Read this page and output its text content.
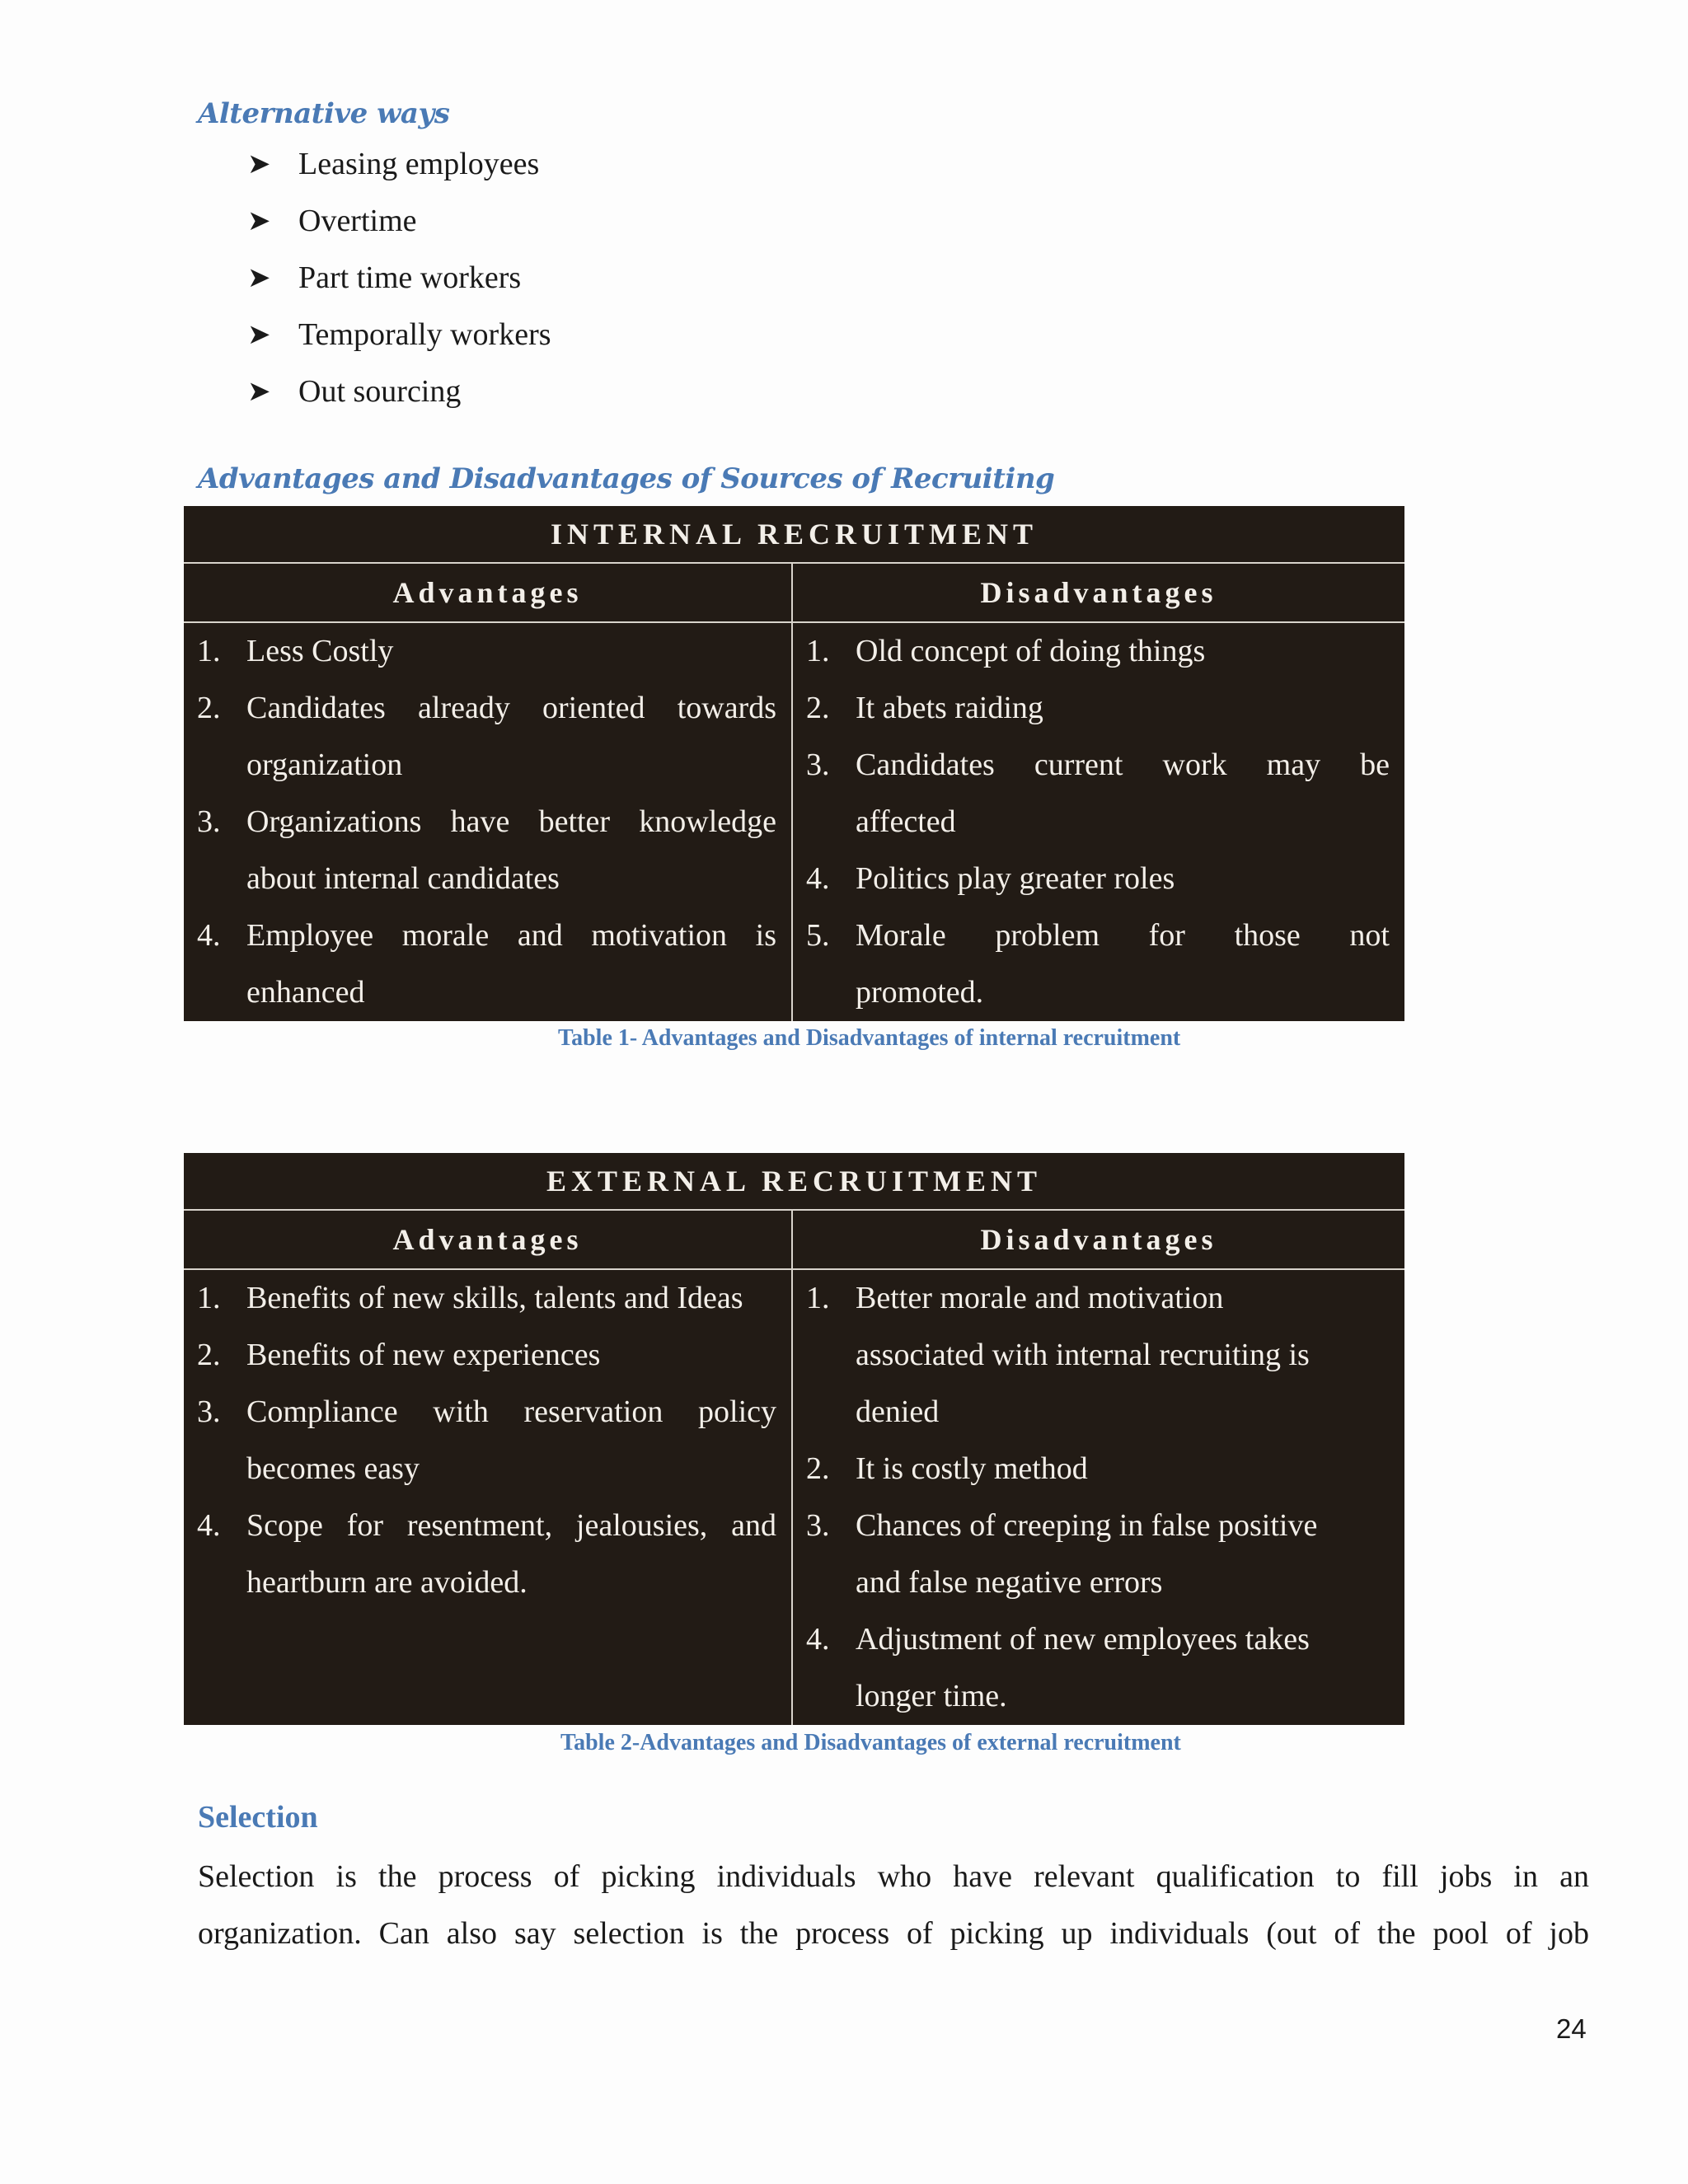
Alternative ways
➤ Leasing employees
➤ Overtime
➤ Part time workers
➤ Temporally workers
➤ Out sourcing
Advantages and Disadvantages of Sources of Recruiting
INTERNAL RECRUITMENT
Advantages	Disadvantages
1. Less Costly
2. Candidates already oriented towards
organization
3. Organizations have better knowledge
about internal candidates
4. Employee morale and motivation is
enhanced
1. Old concept of doing things
2. It abets raiding
3. Candidates current work may be
affected
4. Politics play greater roles
5. Morale problem for those not
promoted.
Table 1- Advantages and Disadvantages of internal recruitment
EXTERNAL RECRUITMENT
Advantages	Disadvantages
1. Benefits of new skills, talents and Ideas
2. Benefits of new experiences
3. Compliance with reservation policy
becomes easy
4. Scope for resentment, jealousies, and
heartburn are avoided.
1. Better morale and motivation
associated with internal recruiting is
denied
2. It is costly method
3. Chances of creeping in false positive
and false negative errors
4. Adjustment of new employees takes
longer time.
Table 2-Advantages and Disadvantages of external recruitment
Selection
Selection is the process of picking individuals who have relevant qualification to fill jobs in an
organization. Can also say selection is the process of picking up individuals (out of the pool of job
24
